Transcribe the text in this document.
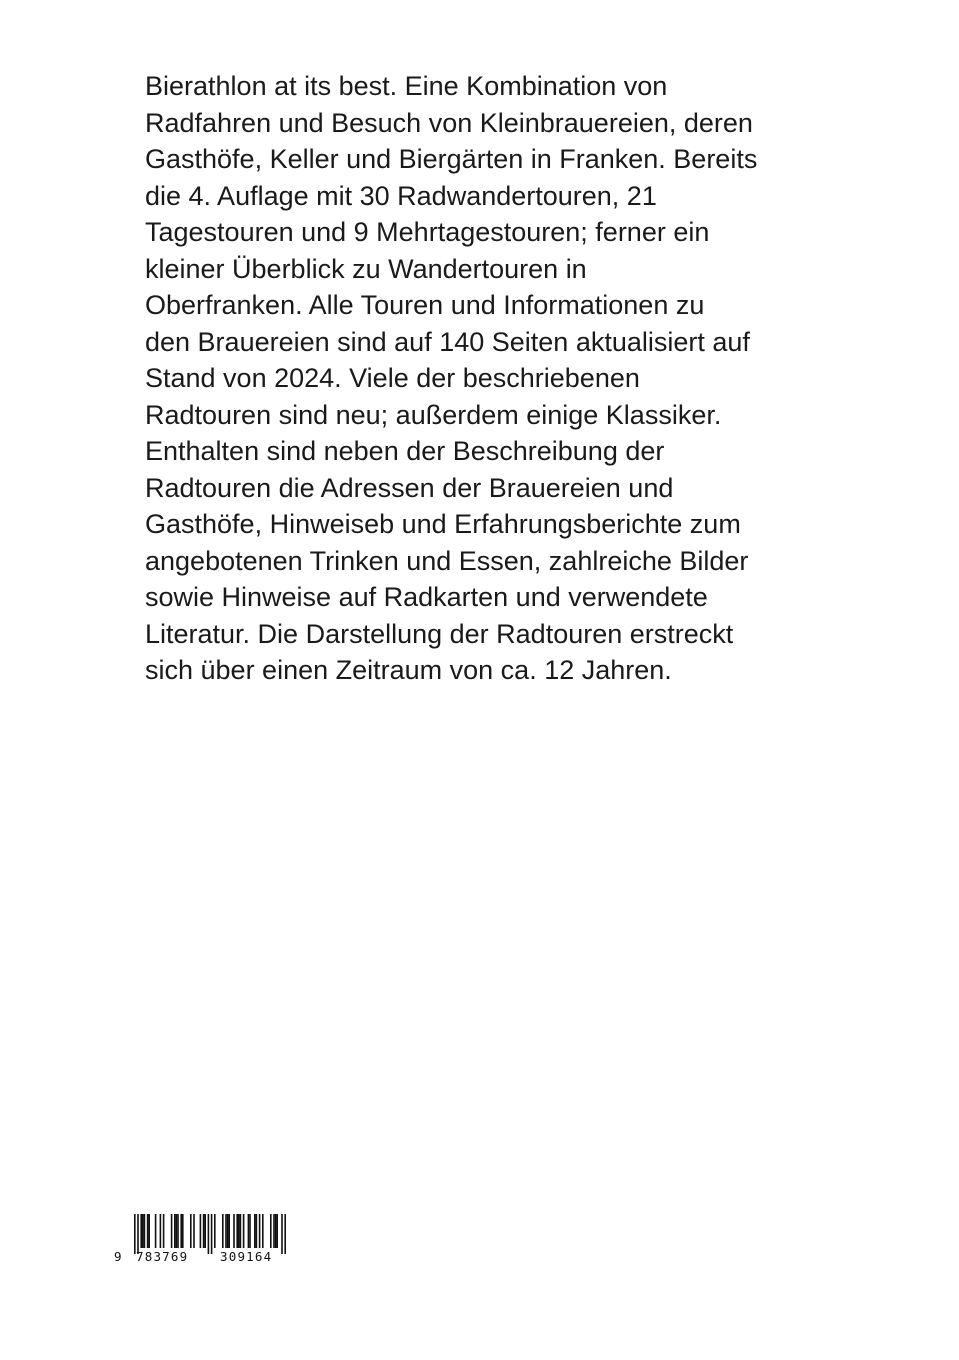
Bierathlon at its best. Eine Kombination von
Radfahren und Besuch von Kleinbrauereien, deren
Gasthöfe, Keller und Biergärten in Franken. Bereits
die 4. Auflage mit 30 Radwandertouren, 21
Tagestouren und 9 Mehrtagestouren; ferner ein
kleiner Überblick zu Wandertouren in
Oberfranken. Alle Touren und Informationen zu
den Brauereien sind auf 140 Seiten aktualisiert auf
Stand von 2024. Viele der beschriebenen
Radtouren sind neu; außerdem einige Klassiker.
Enthalten sind neben der Beschreibung der
Radtouren die Adressen der Brauereien und
Gasthöfe, Hinweiseb und Erfahrungsberichte zum
angebotenen Trinken und Essen, zahlreiche Bilder
sowie Hinweise auf Radkarten und verwendete
Literatur. Die Darstellung der Radtouren erstreckt
sich über einen Zeitraum von ca. 12 Jahren.

9 783769	309164
